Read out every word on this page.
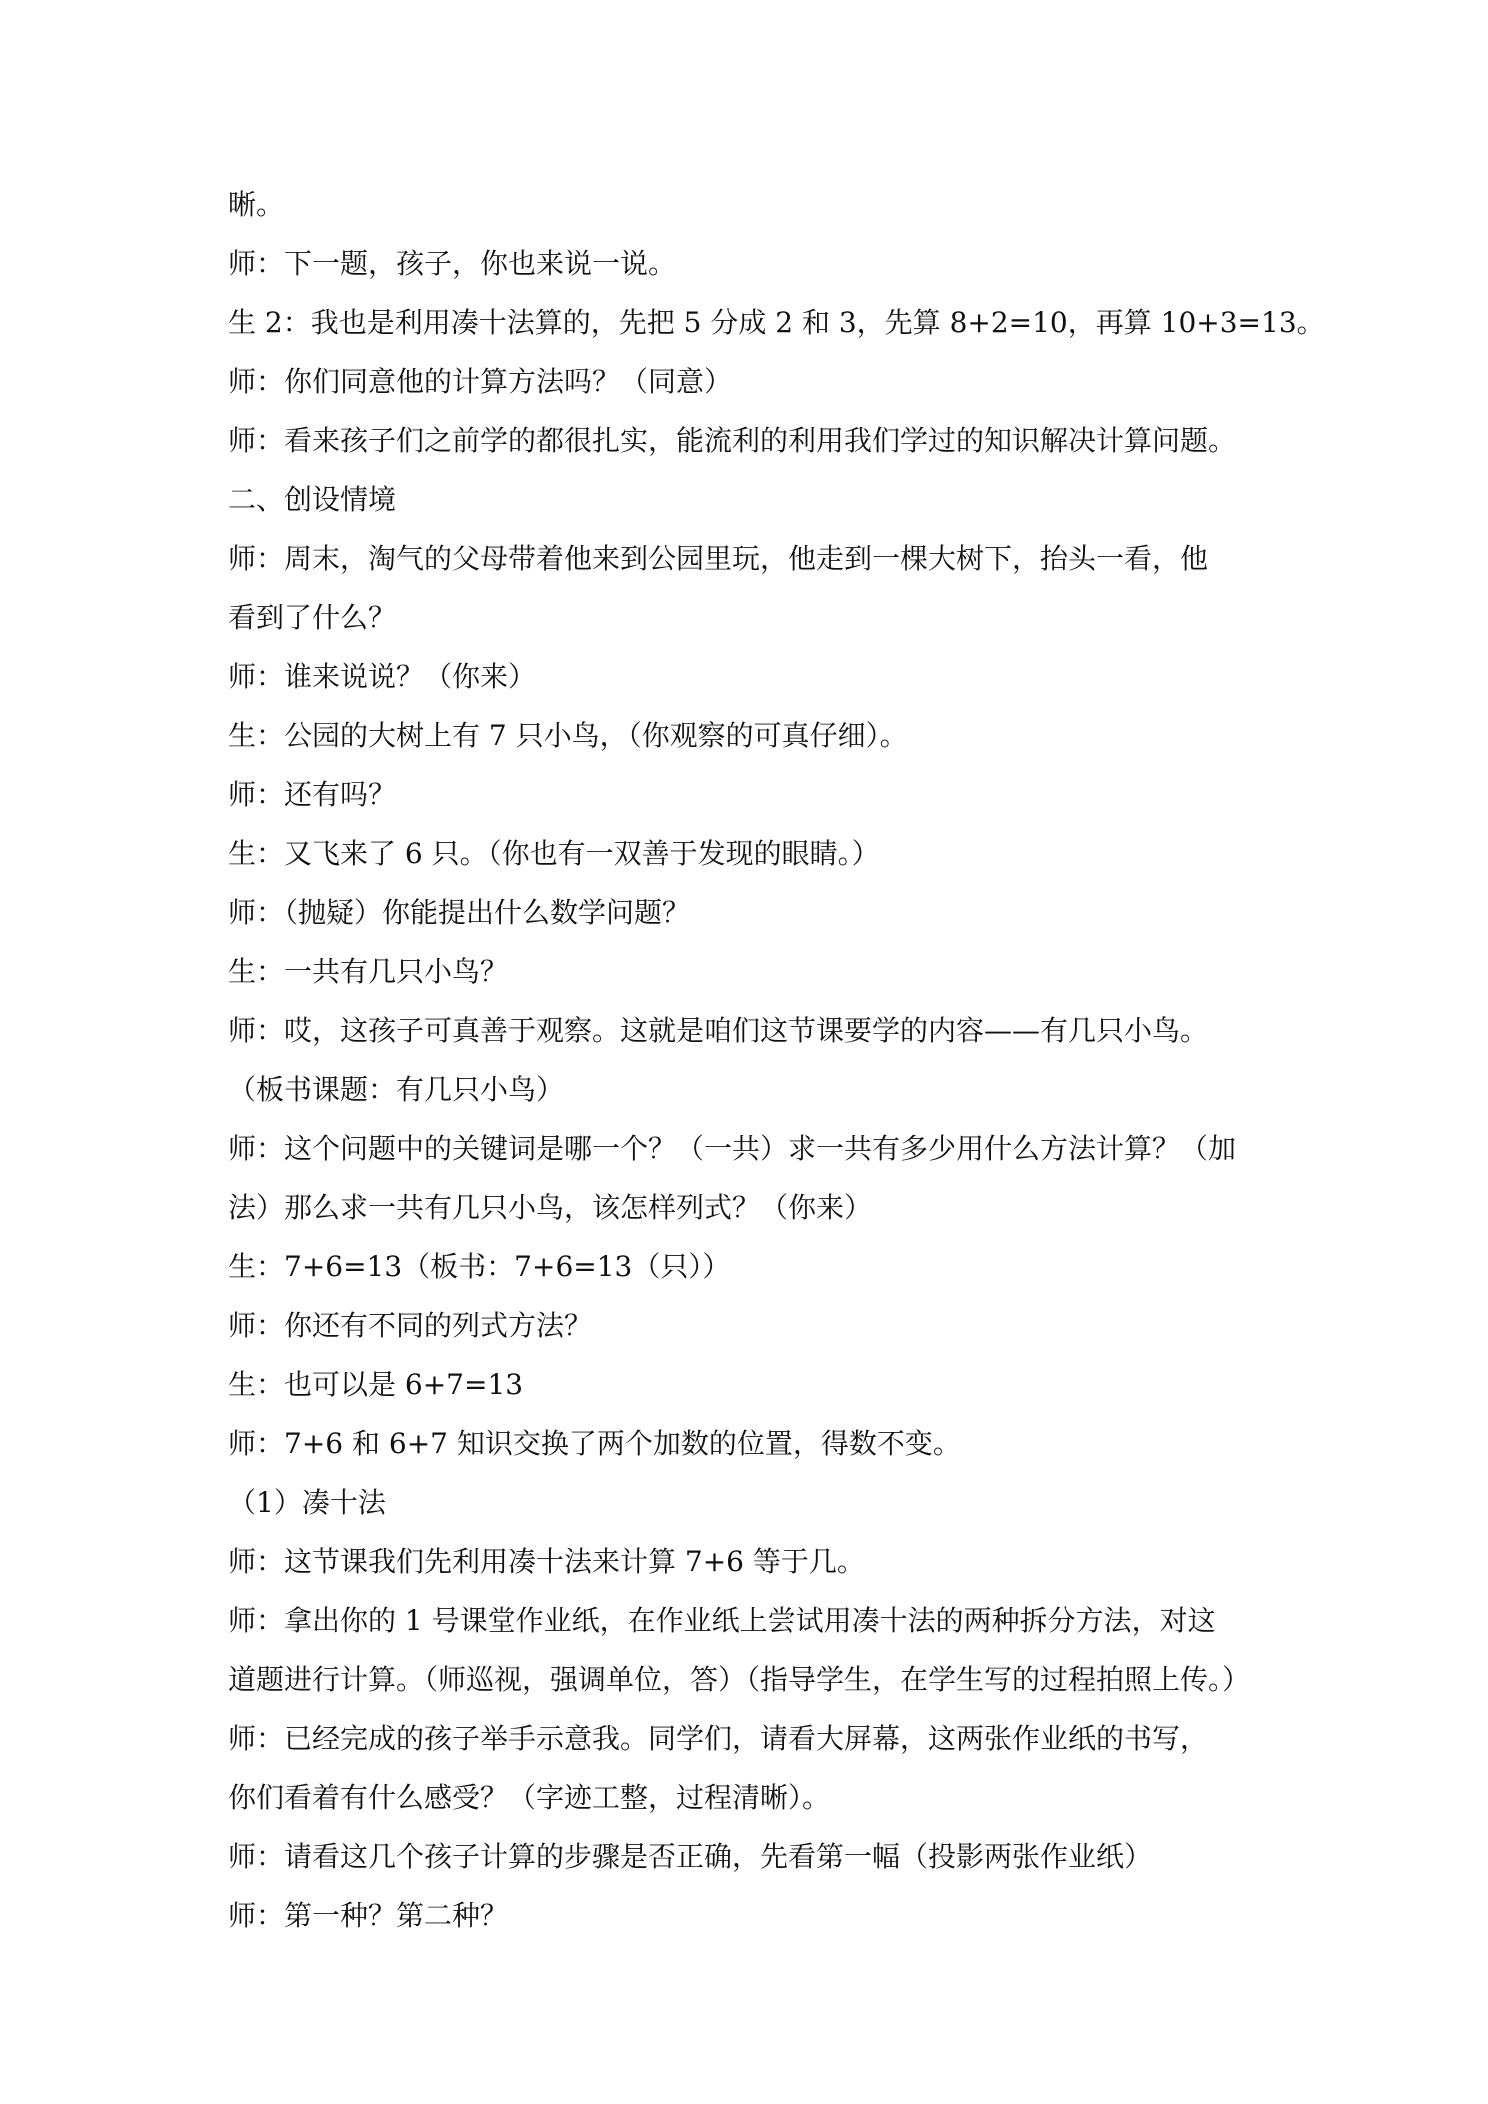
晰。
师：下一题，孩子，你也来说一说。
生 2：我也是利用凑十法算的，先把 5 分成 2 和 3，先算 8+2=10，再算 10+3=13。
师：你们同意他的计算方法吗？（同意）
师：看来孩子们之前学的都很扎实，能流利的利用我们学过的知识解决计算问题。
二、创设情境
师：周末，淘气的父母带着他来到公园里玩，他走到一棵大树下，抬头一看，他
看到了什么？
师：谁来说说？（你来）
生：公园的大树上有 7 只小鸟，（你观察的可真仔细）。
师：还有吗？
生：又飞来了 6 只。（你也有一双善于发现的眼睛。）
师：（抛疑）你能提出什么数学问题？
生：一共有几只小鸟？
师：哎，这孩子可真善于观察。这就是咱们这节课要学的内容——有几只小鸟。
（板书课题：有几只小鸟）
师：这个问题中的关键词是哪一个？（一共）求一共有多少用什么方法计算？（加
法）那么求一共有几只小鸟，该怎样列式？（你来）
生：7+6=13（板书：7+6=13（只））
师：你还有不同的列式方法？
生：也可以是 6+7=13
师：7+6 和 6+7 知识交换了两个加数的位置，得数不变。
（1）凑十法
师：这节课我们先利用凑十法来计算 7+6 等于几。
师：拿出你的 1 号课堂作业纸，在作业纸上尝试用凑十法的两种拆分方法，对这
道题进行计算。（师巡视，强调单位，答）（指导学生，在学生写的过程拍照上传。）
师：已经完成的孩子举手示意我。同学们，请看大屏幕，这两张作业纸的书写，
你们看着有什么感受？（字迹工整，过程清晰）。
师：请看这几个孩子计算的步骤是否正确，先看第一幅（投影两张作业纸）
师：第一种？第二种？
